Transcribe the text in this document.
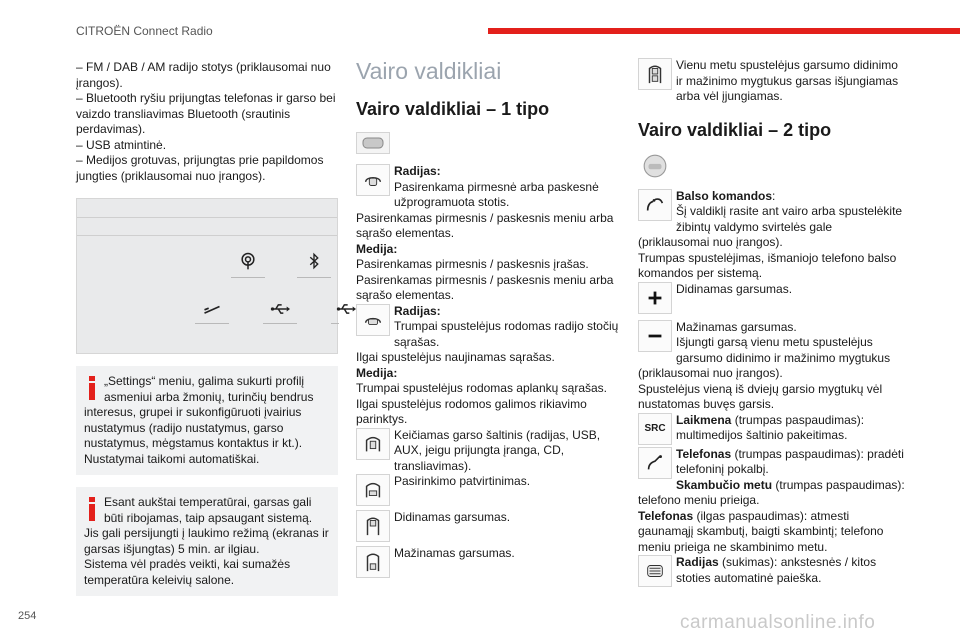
CITROËN Connect Radio

– FM / DAB / AM radijo stotys (priklausomai nuo įrangos).

– Bluetooth ryšiu prijungtas telefonas ir garso bei vaizdo transliavimas Bluetooth (srautinis perdavimas).

– USB atmintinė.

– Medijos grotuvas, prijungtas prie papildomos jungties (priklausomai nuo įrangos).

„Settings“ meniu, galima sukurti profilį asmeniui arba žmonių, turinčių bendrus interesus, grupei ir sukonfigūruoti įvairius nustatymus (radijo nustatymus, garso nustatymus, mėgstamus kontaktus ir kt.). Nustatymai taikomi automatiškai.

Esant aukštai temperatūrai, garsas gali būti ribojamas, taip apsaugant sistemą. Jis gali persijungti į laukimo režimą (ekranas ir garsas išjungtas) 5 min. ar ilgiau.

Sistema vėl pradės veikti, kai sumažės temperatūra keleivių salone.

Vairo valdikliai
Vairo valdikliai – 1 tipo

Radijas:

Pasirenkama pirmesnė arba paskesnė užprogramuota stotis.

Pasirenkamas pirmesnis / paskesnis meniu arba sąrašo elementas.

Medija:

Pasirenkamas pirmesnis / paskesnis įrašas.

Pasirenkamas pirmesnis / paskesnis meniu arba sąrašo elementas.

Radijas:

Trumpai spustelėjus rodomas radijo stočių sąrašas.

Ilgai spustelėjus naujinamas sąrašas.

Medija:

Trumpai spustelėjus rodomas aplankų sąrašas.

Ilgai spustelėjus rodomos galimos rikiavimo parinktys.

Keičiamas garso šaltinis (radijas, USB, AUX, jeigu prijungta įranga, CD, transliavimas).

Pasirinkimo patvirtinimas.

Didinamas garsumas.

Mažinamas garsumas.

Vienu metu spustelėjus garsumo didinimo ir mažinimo mygtukus garsas išjungiamas arba vėl įjungiamas.

Vairo valdikliai – 2 tipo

Balso komandos:

Šį valdiklį rasite ant vairo arba spustelėkite žibintų valdymo svirtelės gale (priklausomai nuo įrangos).

Trumpas spustelėjimas, išmaniojo telefono balso komandos per sistemą.

Didinamas garsumas.

Mažinamas garsumas.

Išjungti garsą vienu metu spustelėjus garsumo didinimo ir mažinimo mygtukus (priklausomai nuo įrangos).

Spustelėjus vieną iš dviejų garsio mygtukų vėl nustatomas buvęs garsis.

SRC

Laikmena (trumpas paspaudimas): multimedijos šaltinio pakeitimas.

Telefonas (trumpas paspaudimas): pradėti telefoninį pokalbį.

Skambučio metu (trumpas paspaudimas): telefono meniu prieiga.

Telefonas (ilgas paspaudimas): atmesti gaunamąjį skambutį, baigti skambintį; telefono meniu prieiga ne skambinimo metu.

Radijas (sukimas): ankstesnės / kitos stoties automatinė paieška.

254	carmanualsonline.info
